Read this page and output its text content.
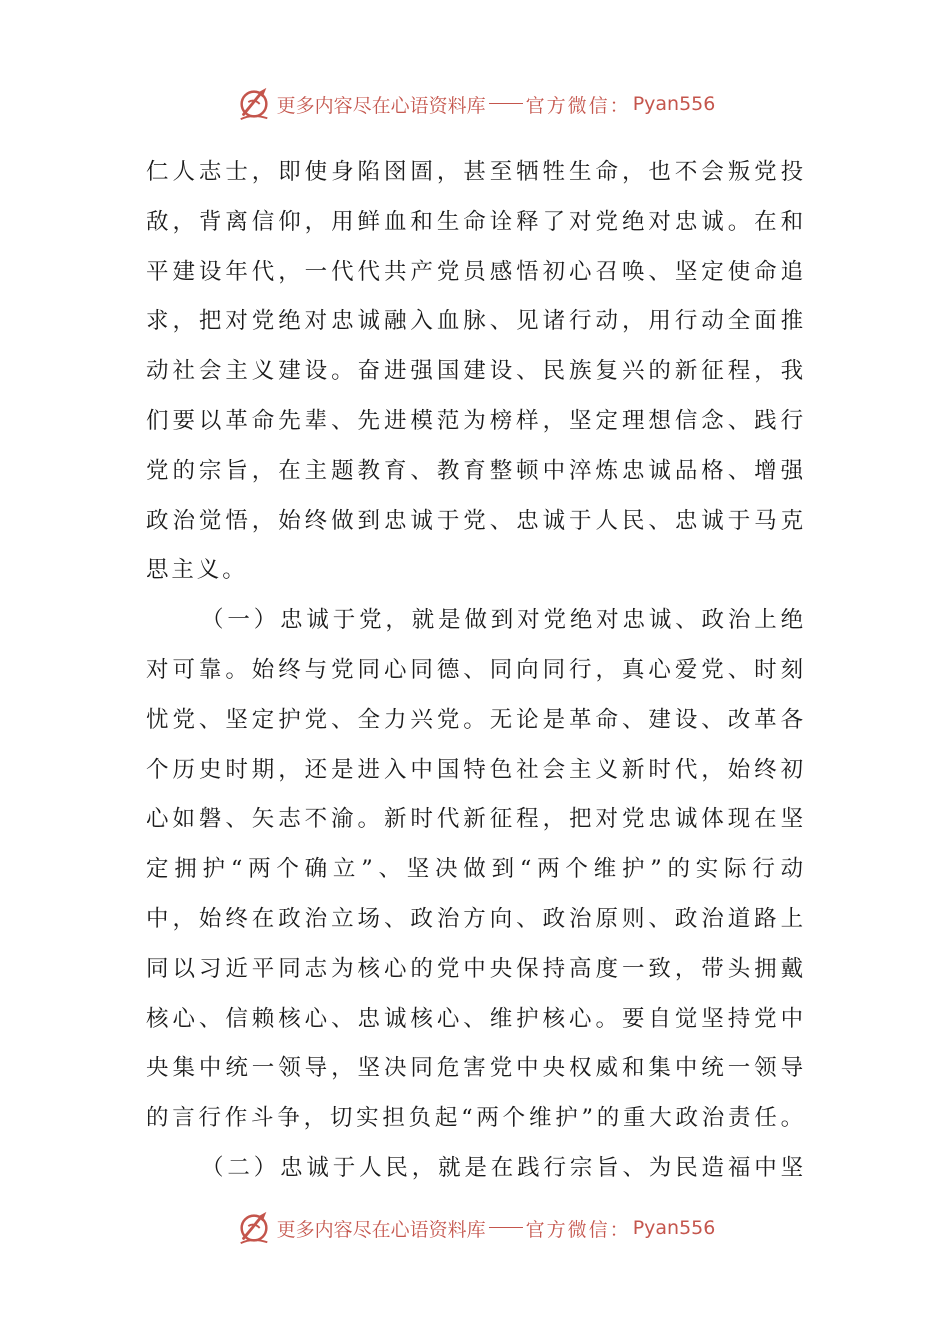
更多内容尽在心语资料库 官方微信： Pyan556
仁人志士，即使身陷囹圄，甚至牺牲生命，也不会叛党投
敌，背离信仰，用鲜血和生命诠释了对党绝对忠诚。在和
平建设年代，一代代共产党员感悟初心召唤、坚定使命追
求，把对党绝对忠诚融入血脉、见诸行动，用行动全面推
动社会主义建设。奋进强国建设、民族复兴的新征程，我
们要以革命先辈、先进模范为榜样，坚定理想信念、践行
党的宗旨，在主题教育、教育整顿中淬炼忠诚品格、增强
政治觉悟，始终做到忠诚于党、忠诚于人民、忠诚于马克
思主义。
（一）忠诚于党，就是做到对党绝对忠诚、政治上绝
对可靠。始终与党同心同德、同向同行，真心爱党、时刻
忧党、坚定护党、全力兴党。无论是革命、建设、改革各
个历史时期，还是进入中国特色社会主义新时代，始终初
心如磐、矢志不渝。新时代新征程，把对党忠诚体现在坚
定拥护“两个确立”、坚决做到“两个维护”的实际行动
中，始终在政治立场、政治方向、政治原则、政治道路上
同以习近平同志为核心的党中央保持高度一致，带头拥戴
核心、信赖核心、忠诚核心、维护核心。要自觉坚持党中
央集中统一领导，坚决同危害党中央权威和集中统一领导
的言行作斗争，切实担负起“两个维护”的重大政治责任。
（二）忠诚于人民，就是在践行宗旨、为民造福中坚
更多内容尽在心语资料库 官方微信： Pyan556
